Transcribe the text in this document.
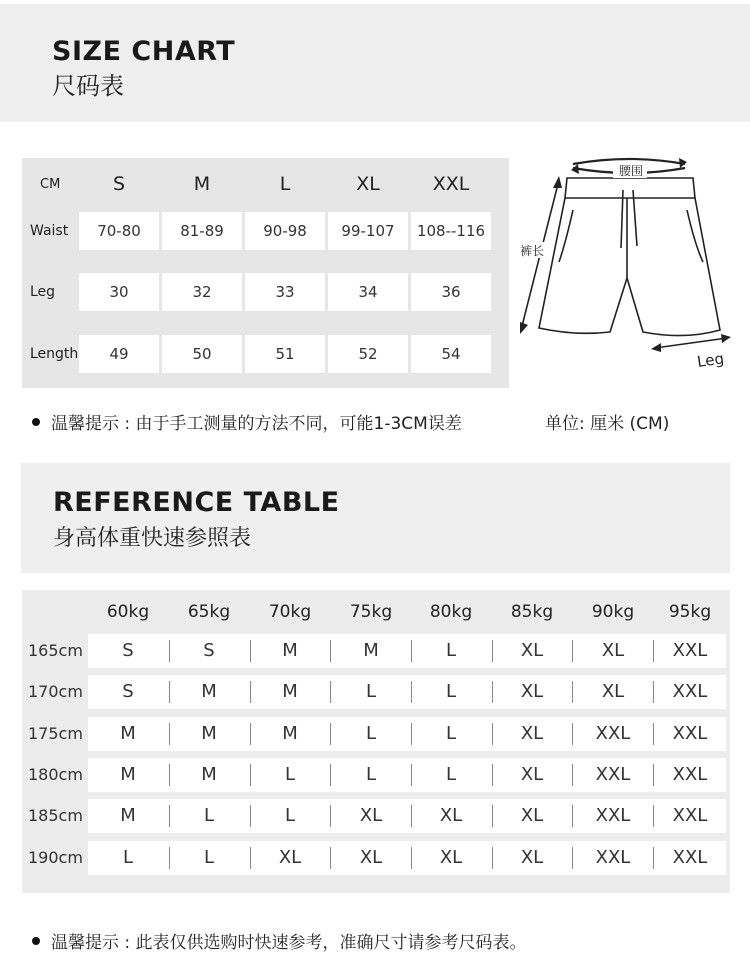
SIZE CHART
尺码表
CM	S	M	L	XL	XXL
Waist	70-80	81-89	90-98	99-107	108--116
Leg	30	32	33	34	36
Length	49	50	51	52	54
腰围
裤长
Leg
温馨提示 : 由于手工测量的方法不同，可能1-3CM误差	单位: 厘米 (CM)
REFERENCE TABLE
身高体重快速参照表
60kg	65kg	70kg	75kg	80kg	85kg	90kg	95kg
165cm	S	S	M	M	L	XL	XL	XXL
170cm	S	M	M	L	L	XL	XL	XXL
175cm	M	M	M	L	L	XL	XXL	XXL
180cm	M	M	L	L	L	XL	XXL	XXL
185cm	M	L	L	XL	XL	XL	XXL	XXL
190cm	L	L	XL	XL	XL	XL	XXL	XXL
温馨提示 : 此表仅供选购时快速参考，准确尺寸请参考尺码表。
